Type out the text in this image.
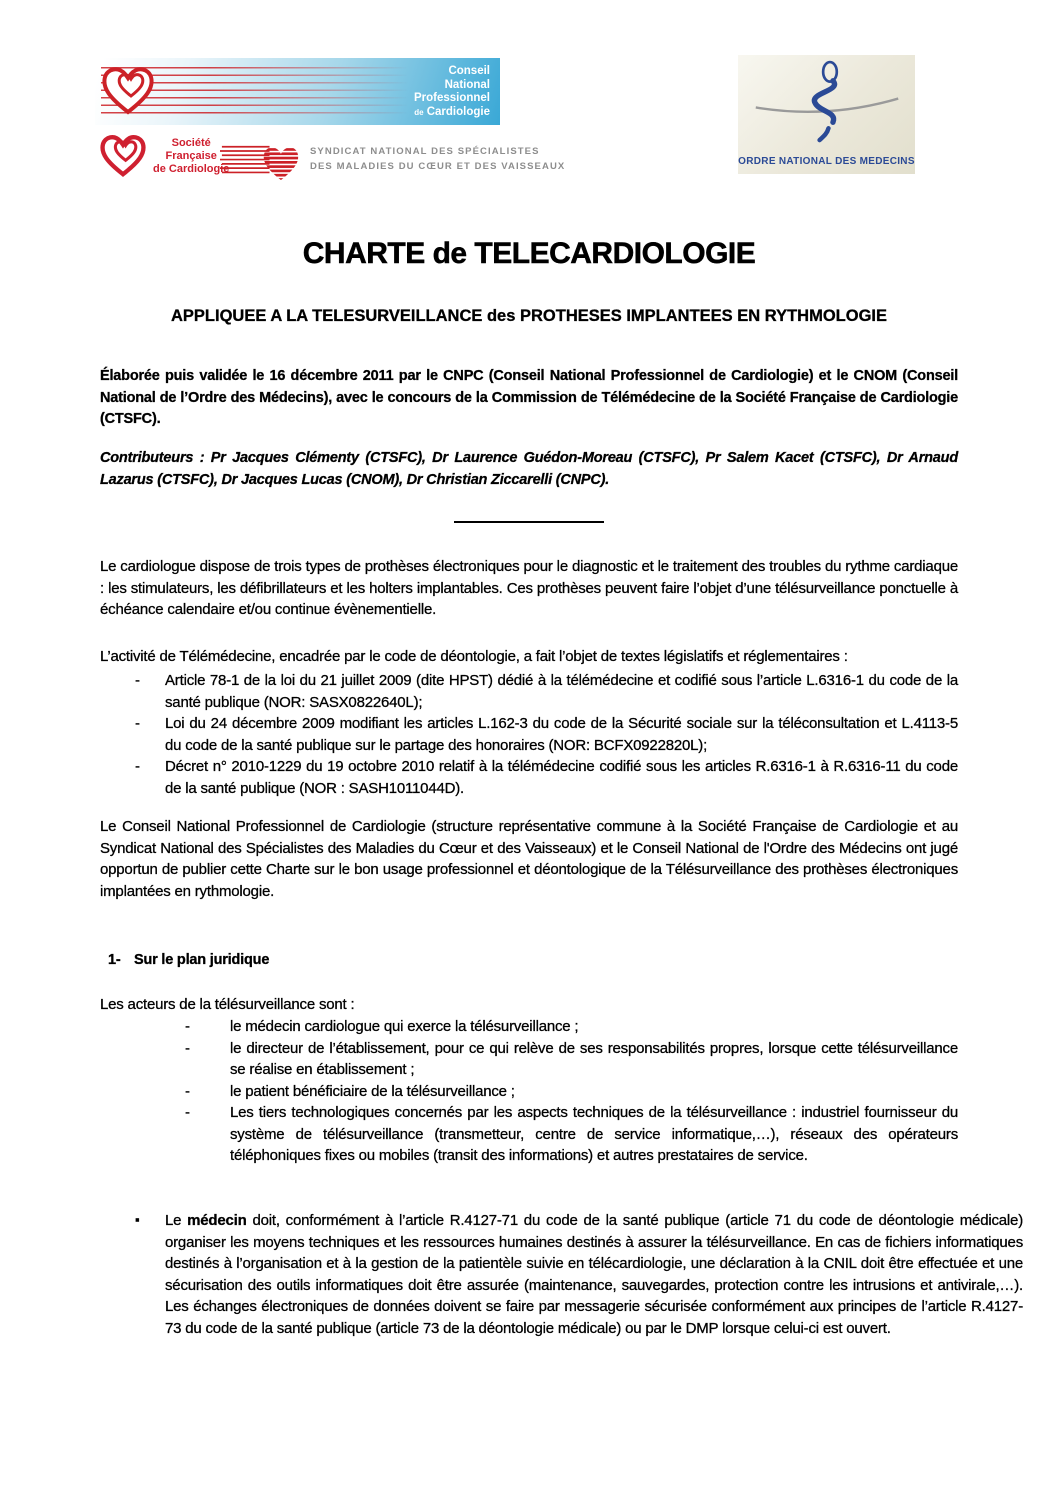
Conseil
National
Professionnel
de Cardiologie
Société
Française
de Cardiologie
SYNDICAT NATIONAL DES SPÉCIALISTES
DES MALADIES DU CŒUR ET DES VAISSEAUX	ORDRE NATIONAL DES MEDECINS
CHARTE de TELECARDIOLOGIE
APPLIQUEE A LA TELESURVEILLANCE des PROTHESES IMPLANTEES EN RYTHMOLOGIE
Élaborée puis validée le 16 décembre 2011 par le CNPC (Conseil National Professionnel de Cardiologie) et le CNOM (Conseil National de l’Ordre des Médecins), avec le concours de la Commission de Télémédecine de la Société Française de Cardiologie (CTSFC).
Contributeurs : Pr Jacques Clémenty (CTSFC), Dr Laurence Guédon-Moreau (CTSFC), Pr Salem Kacet (CTSFC), Dr Arnaud Lazarus (CTSFC), Dr Jacques Lucas (CNOM), Dr Christian Ziccarelli (CNPC).
Le cardiologue dispose de trois types de prothèses électroniques pour le diagnostic et le traitement des troubles du rythme cardiaque : les stimulateurs, les défibrillateurs et les holters implantables. Ces prothèses peuvent faire l’objet d’une télésurveillance ponctuelle à échéance calendaire et/ou continue évènementielle.
L’activité de Télémédecine, encadrée par le code de déontologie, a fait l’objet de textes législatifs et réglementaires :
- Article 78-1 de la loi du 21 juillet 2009 (dite HPST) dédié à la télémédecine et codifié sous l’article L.6316-1 du code de la santé publique (NOR: SASX0822640L);
- Loi du 24 décembre 2009 modifiant les articles L.162-3 du code de la Sécurité sociale sur la téléconsultation et L.4113-5 du code de la santé publique sur le partage des honoraires (NOR: BCFX0922820L);
- Décret n° 2010-1229 du 19 octobre 2010 relatif à la télémédecine codifié sous les articles R.6316-1 à R.6316-11 du code de la santé publique (NOR : SASH1011044D).
Le Conseil National Professionnel de Cardiologie (structure représentative commune à la Société Française de Cardiologie et au Syndicat National des Spécialistes des Maladies du Cœur et des Vaisseaux) et le Conseil National de l'Ordre des Médecins ont jugé opportun de publier cette Charte sur le bon usage professionnel et déontologique de la Télésurveillance des prothèses électroniques implantées en rythmologie.
1- Sur le plan juridique
Les acteurs de la télésurveillance sont :
-	le médecin cardiologue qui exerce la télésurveillance ;
-	le directeur de l’établissement, pour ce qui relève de ses responsabilités propres, lorsque cette télésurveillance se réalise en établissement ;
-	le patient bénéficiaire de la télésurveillance ;
-	Les tiers technologiques concernés par les aspects techniques de la télésurveillance : industriel fournisseur du système de télésurveillance (transmetteur, centre de service informatique,…), réseaux des opérateurs téléphoniques fixes ou mobiles (transit des informations) et autres prestataires de service.
▪ Le médecin doit, conformément à l’article R.4127-71 du code de la santé publique (article 71 du code de déontologie médicale) organiser les moyens techniques et les ressources humaines destinés à assurer la télésurveillance. En cas de fichiers informatiques destinés à l’organisation et à la gestion de la patientèle suivie en télécardiologie, une déclaration à la CNIL doit être effectuée et une sécurisation des outils informatiques doit être assurée (maintenance, sauvegardes, protection contre les intrusions et antivirale,…). Les échanges électroniques de données doivent se faire par messagerie sécurisée conformément aux principes de l’article R.4127-73 du code de la santé publique (article 73 de la déontologie médicale) ou par le DMP lorsque celui-ci est ouvert.
